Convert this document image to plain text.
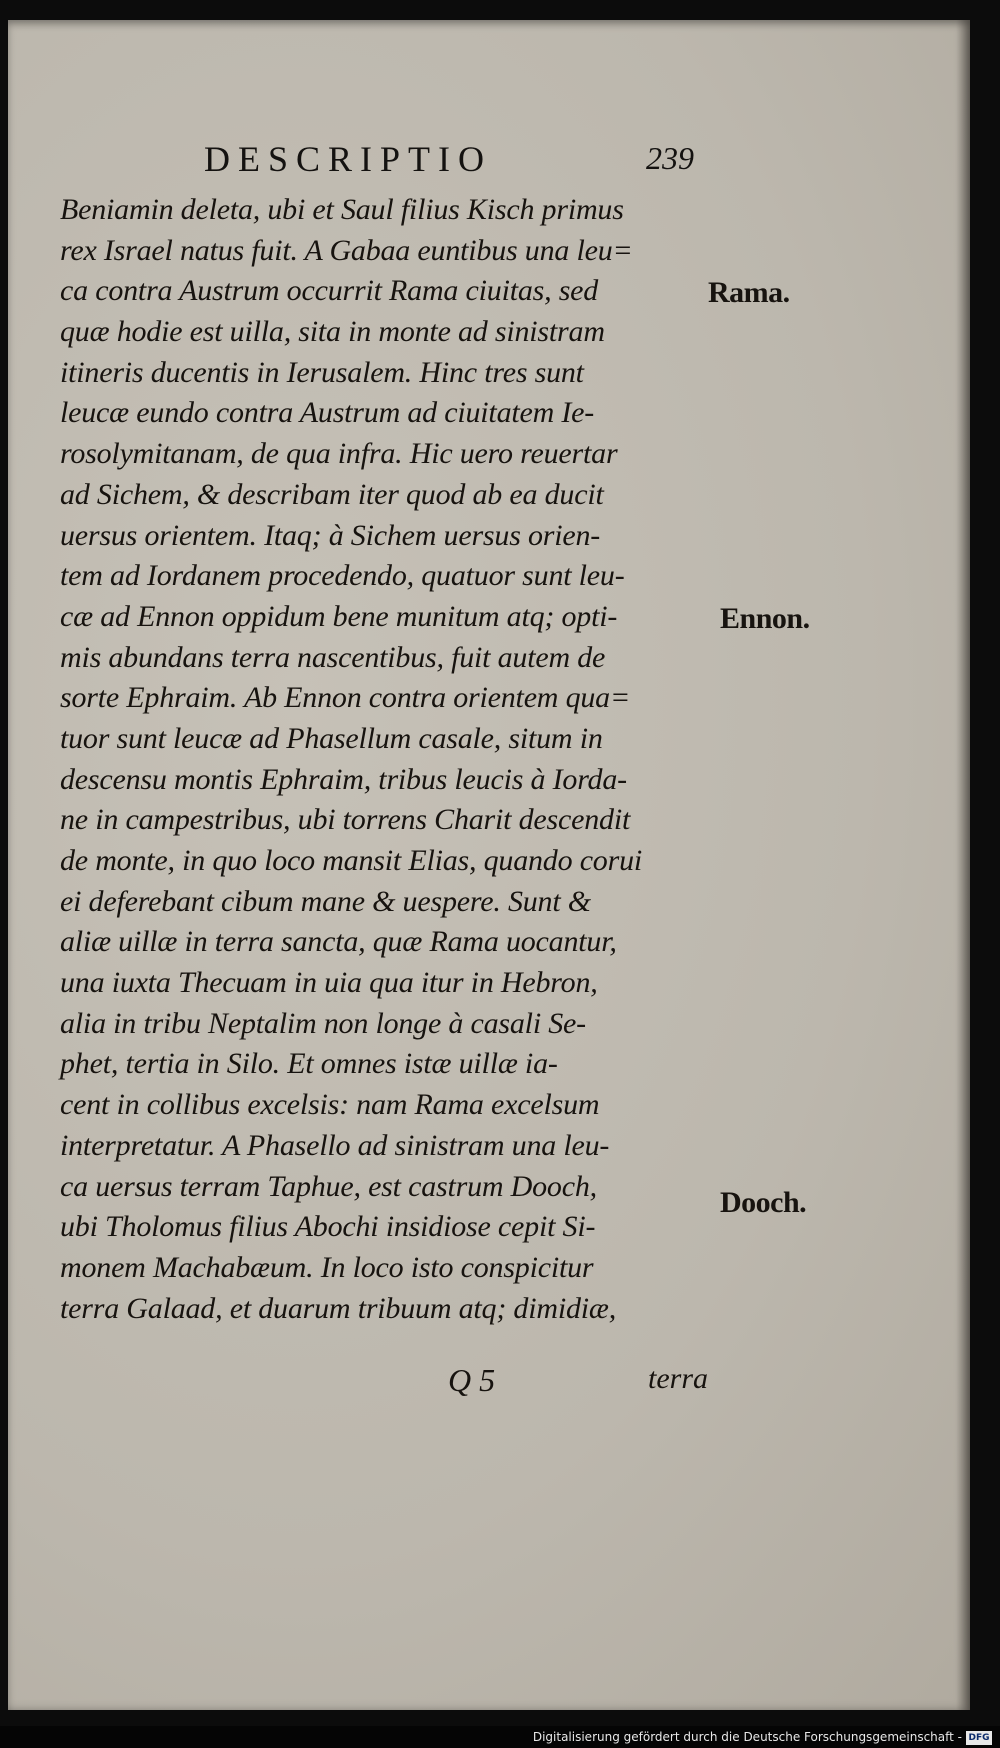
DESCRIPTIO	239
Beniamin deleta, ubi et Saul filius Kisch primus
rex Israel natus fuit. A Gabaa euntibus una leu=
ca contra Austrum occurrit Rama ciuitas, sed
quæ hodie est uilla, sita in monte ad sinistram
itineris ducentis in Ierusalem. Hinc tres sunt
leucæ eundo contra Austrum ad ciuitatem Ie-
rosolymitanam, de qua infra. Hic uero reuertar
ad Sichem, & describam iter quod ab ea ducit
uersus orientem. Itaq; à Sichem uersus orien-
tem ad Iordanem procedendo, quatuor sunt leu-
cæ ad Ennon oppidum bene munitum atq; opti-
mis abundans terra nascentibus, fuit autem de
sorte Ephraim. Ab Ennon contra orientem qua=
tuor sunt leucæ ad Phasellum casale, situm in
descensu montis Ephraim, tribus leucis à Iorda-
ne in campestribus, ubi torrens Charit descendit
de monte, in quo loco mansit Elias, quando corui
ei deferebant cibum mane & uespere. Sunt &
aliæ uillæ in terra sancta, quæ Rama uocantur,
una iuxta Thecuam in uia qua itur in Hebron,
alia in tribu Neptalim non longe à casali Se-
phet, tertia in Silo. Et omnes istæ uillæ ia-
cent in collibus excelsis: nam Rama excelsum
interpretatur. A Phasello ad sinistram una leu-
ca uersus terram Taphue, est castrum Dooch,
ubi Tholomus filius Abochi insidiose cepit Si-
monem Machabæum. In loco isto conspicitur
terra Galaad, et duarum tribuum atq; dimidiæ,
Rama.
Ennon.
Dooch.
Q 5	terra
Digitalisierung gefördert durch die Deutsche Forschungsgemeinschaft - DFG
